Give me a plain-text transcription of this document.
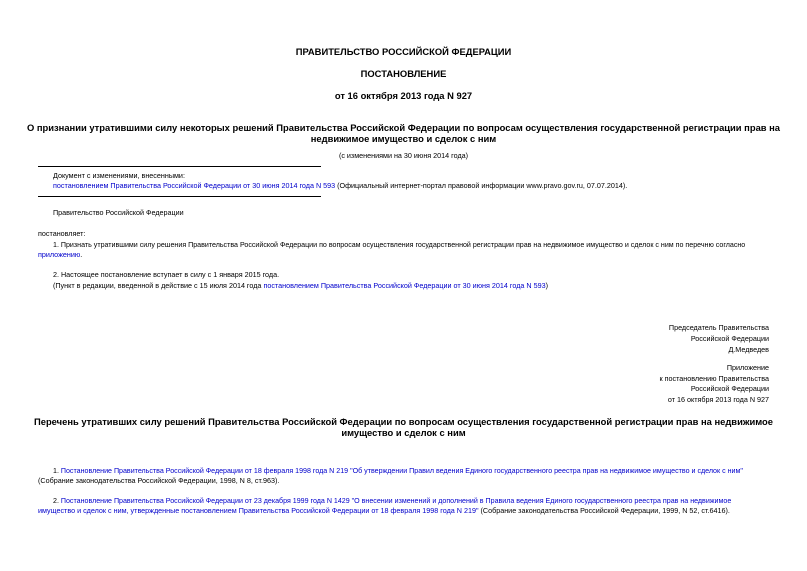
ПРАВИТЕЛЬСТВО РОССИЙСКОЙ ФЕДЕРАЦИИ
ПОСТАНОВЛЕНИЕ
от 16 октября 2013 года N 927
О признании утратившими силу некоторых решений Правительства Российской Федерации по вопросам осуществления государственной регистрации прав на
недвижимое имущество и сделок с ним
(с изменениями на 30 июня 2014 года)
Документ с изменениями, внесенными:
постановлением Правительства Российской Федерации от 30 июня 2014 года N 593 (Официальный интернет-портал правовой информации www.pravo.gov.ru, 07.07.2014).
Правительство Российской Федерации
постановляет:
1. Признать утратившими силу решения Правительства Российской Федерации по вопросам осуществления государственной регистрации прав на недвижимое имущество и сделок с ним по перечню согласно
приложению.
2. Настоящее постановление вступает в силу с 1 января 2015 года.
(Пункт в редакции, введенной в действие с 15 июля 2014 года постановлением Правительства Российской Федерации от 30 июня 2014 года N 593)
Председатель Правительства
Российской Федерации
Д.Медведев
Приложение
к постановлению Правительства
Российской Федерации
от 16 октября 2013 года N 927
Перечень утративших силу решений Правительства Российской Федерации по вопросам осуществления государственной регистрации прав на недвижимое
имущество и сделок с ним
1. Постановление Правительства Российской Федерации от 18 февраля 1998 года N 219 "Об утверждении Правил ведения Единого государственного реестра прав на недвижимое имущество и сделок с ним"
(Собрание законодательства Российской Федерации, 1998, N 8, ст.963).
2. Постановление Правительства Российской Федерации от 23 декабря 1999 года N 1429 "О внесении изменений и дополнений в Правила ведения Единого государственного реестра прав на недвижимое
имущество и сделок с ним, утвержденные постановлением Правительства Российской Федерации от 18 февраля 1998 года N 219" (Собрание законодательства Российской Федерации, 1999, N 52, ст.6416).
